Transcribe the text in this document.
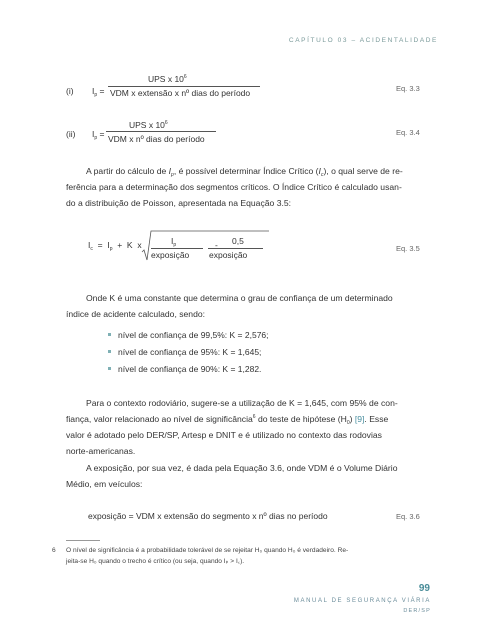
CAPÍTULO 03 – ACIDENTALIDADE
(i) $I_p$ =
UPS x $10^6$
VDM x extensão x nº dias do período	Eq. 3.3
(ii) $I_p$ =
UPS x $10^6$
VDM x nº dias do período
Eq. 3.4
A partir do cálculo de $I_p$, é possível determinar Índice Crítico $(I_c)$, o qual serve de re-
ferência para a determinação dos segmentos críticos. O Índice Crítico é calculado usan-
do a distribuição de Poisson, apresentada na Equação 3.5:
$I_c = I_p + K$ x	$I_p$	- 0,5
exposição exposição
Eq. 3.5
Onde K é uma constante que determina o grau de confiança de um determinado
índice de acidente calculado, sendo:
nível de confiança de 99,5%: K = 2,576;
nível de confiança de 95%: K = 1,645;
nível de confiança de 90%: K = 1,282.
Para o contexto rodoviário, sugere-se a utilização de K = 1,645, com 95% de con-
fiança, valor relacionado ao nível de significância$^6$ do teste de hipótese $(H_0)$ [9]. Esse
valor é adotado pelo DER/SP, Artesp e DNIT e é utilizado no contexto das rodovias
norte-americanas.
A exposição, por sua vez, é dada pela Equação 3.6, onde VDM é o Volume Diário
Médio, em veículos:
exposição = VDM x extensão do segmento x nº dias no período	Eq. 3.6
6 O nível de significância é a probabilidade tolerável de se rejeitar H₀ quando H₀ é verdadeiro. Re-
jeita-se H₀ quando o trecho é crítico (ou seja, quando Iₚ > I꜀).
99
MANUAL DE SEGURANÇA VIÁRIA
DER/SP
